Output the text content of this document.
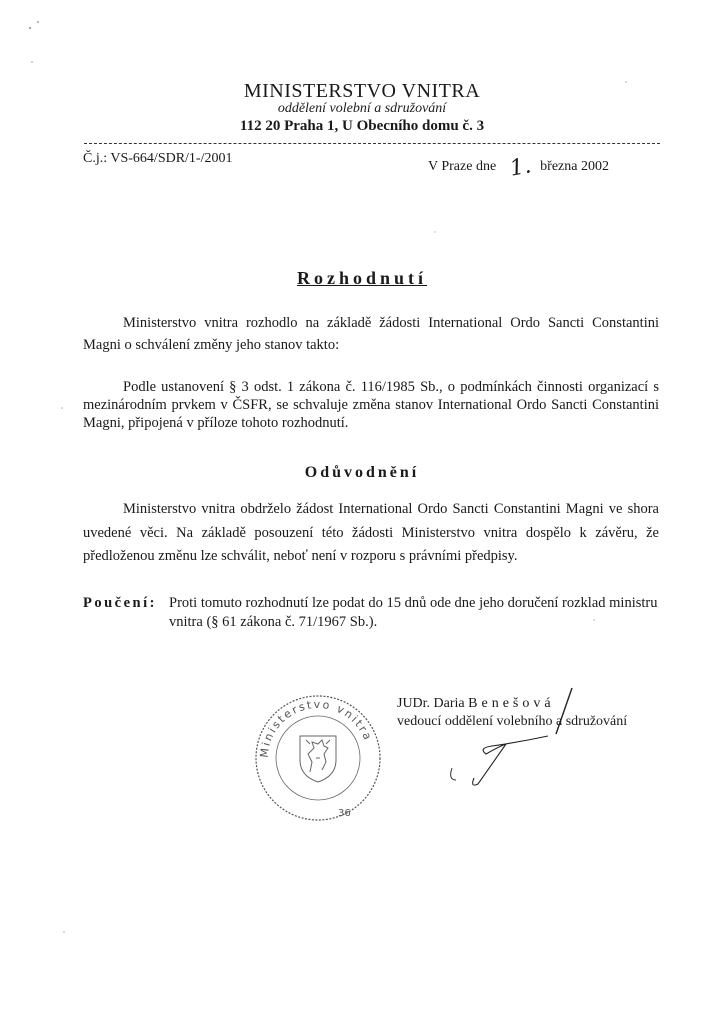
MINISTERSTVO VNITRA
oddělení volební a sdružování
112 20 Praha 1, U Obecního domu č. 3
Č.j.: VS-664/SDR/1-/2001
V Praze dne 1. března 2002
Rozhodnutí
Ministerstvo vnitra rozhodlo na základě žádosti International Ordo Sancti Constantini Magni o schválení změny jeho stanov takto:
Podle ustanovení § 3 odst. 1 zákona č. 116/1985 Sb., o podmínkách činnosti organizací s mezinárodním prvkem v ČSFR, se schvaluje změna stanov International Ordo Sancti Constantini Magni, připojená v příloze tohoto rozhodnutí.
Odůvodnění
Ministerstvo vnitra obdrželo žádost International Ordo Sancti Constantini Magni ve shora uvedené věci. Na základě posouzení této žádosti Ministerstvo vnitra dospělo k závěru, že předloženou změnu lze schválit, neboť není v rozporu s právními předpisy.
Poučení: Proti tomuto rozhodnutí lze podat do 15 dnů ode dne jeho doručení rozklad ministru vnitra (§ 61 zákona č. 71/1967 Sb.).
Ministerstvo vnitra
36
JUDr. Daria Benešová
vedoucí oddělení volebního a sdružování
